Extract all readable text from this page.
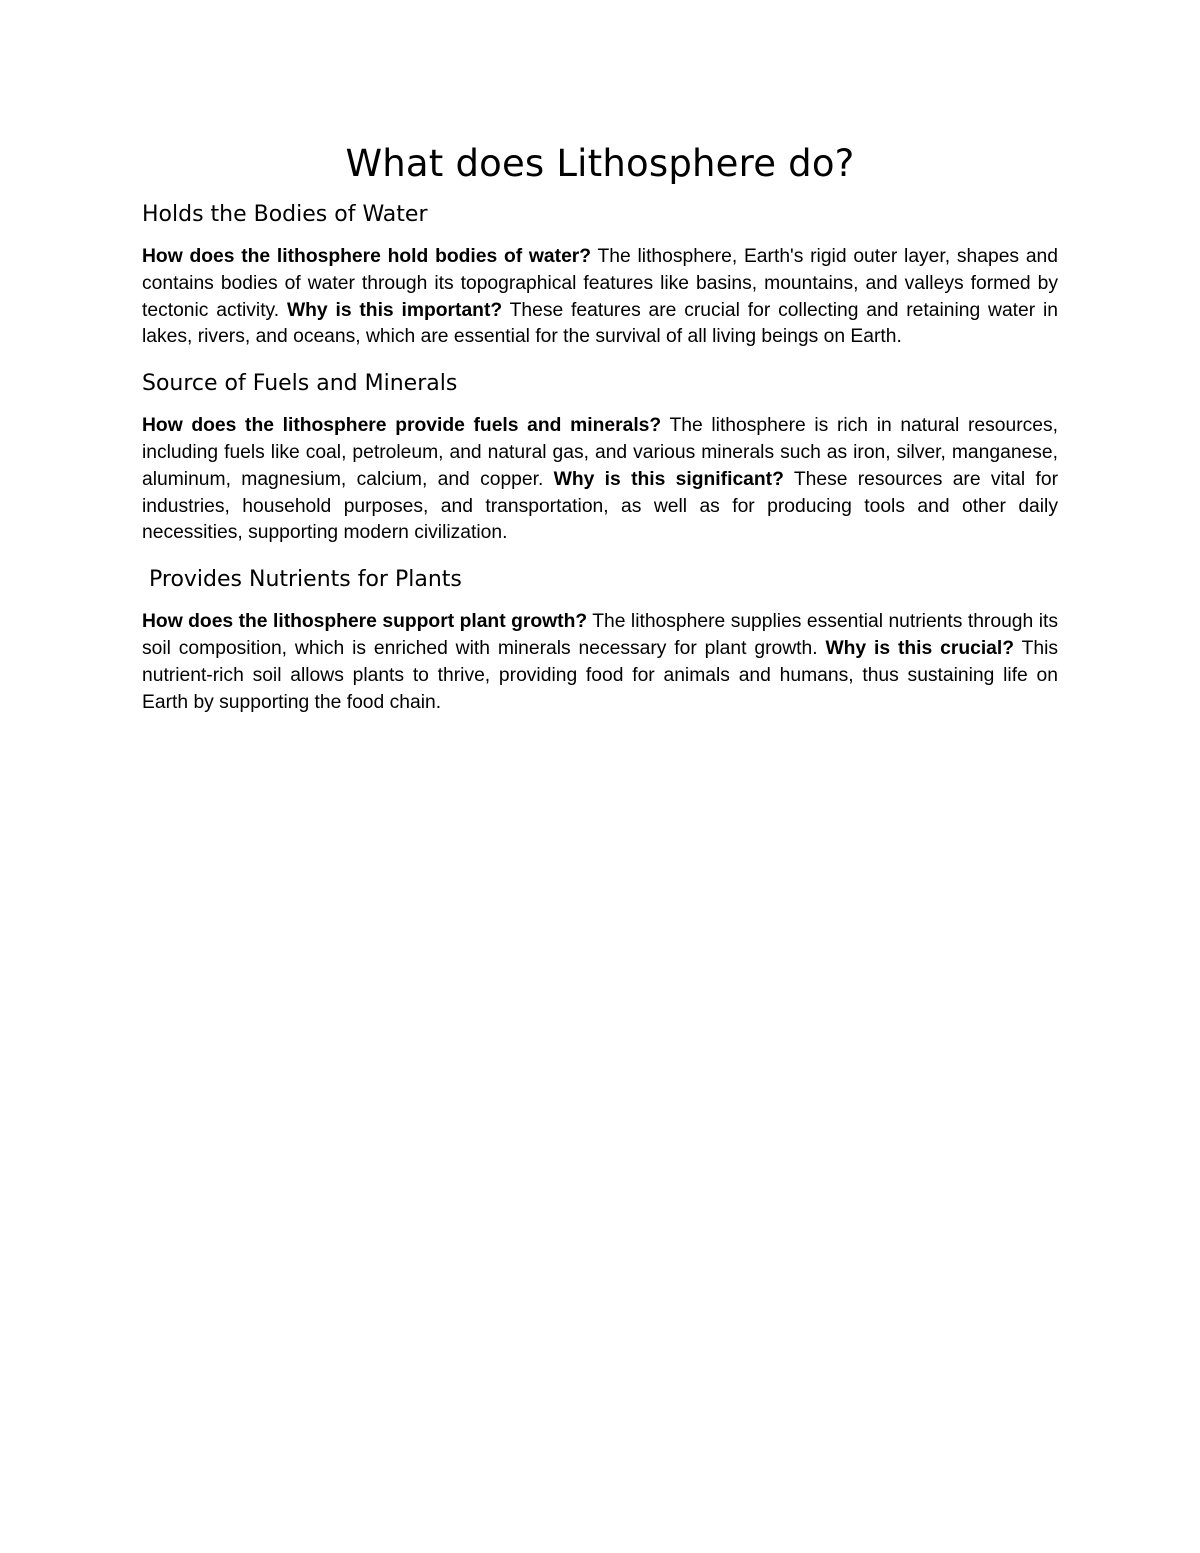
What does Lithosphere do?
Holds the Bodies of Water

How does the lithosphere hold bodies of water? The lithosphere, Earth's rigid outer layer, shapes and contains bodies of water through its topographical features like basins, mountains, and valleys formed by tectonic activity. Why is this important? These features are crucial for collecting and retaining water in lakes, rivers, and oceans, which are essential for the survival of all living beings on Earth.

Source of Fuels and Minerals

How does the lithosphere provide fuels and minerals? The lithosphere is rich in natural resources, including fuels like coal, petroleum, and natural gas, and various minerals such as iron, silver, manganese, aluminum, magnesium, calcium, and copper. Why is this significant? These resources are vital for industries, household purposes, and transportation, as well as for producing tools and other daily necessities, supporting modern civilization.

Provides Nutrients for Plants

How does the lithosphere support plant growth? The lithosphere supplies essential nutrients through its soil composition, which is enriched with minerals necessary for plant growth. Why is this crucial? This nutrient-rich soil allows plants to thrive, providing food for animals and humans, thus sustaining life on Earth by supporting the food chain.
